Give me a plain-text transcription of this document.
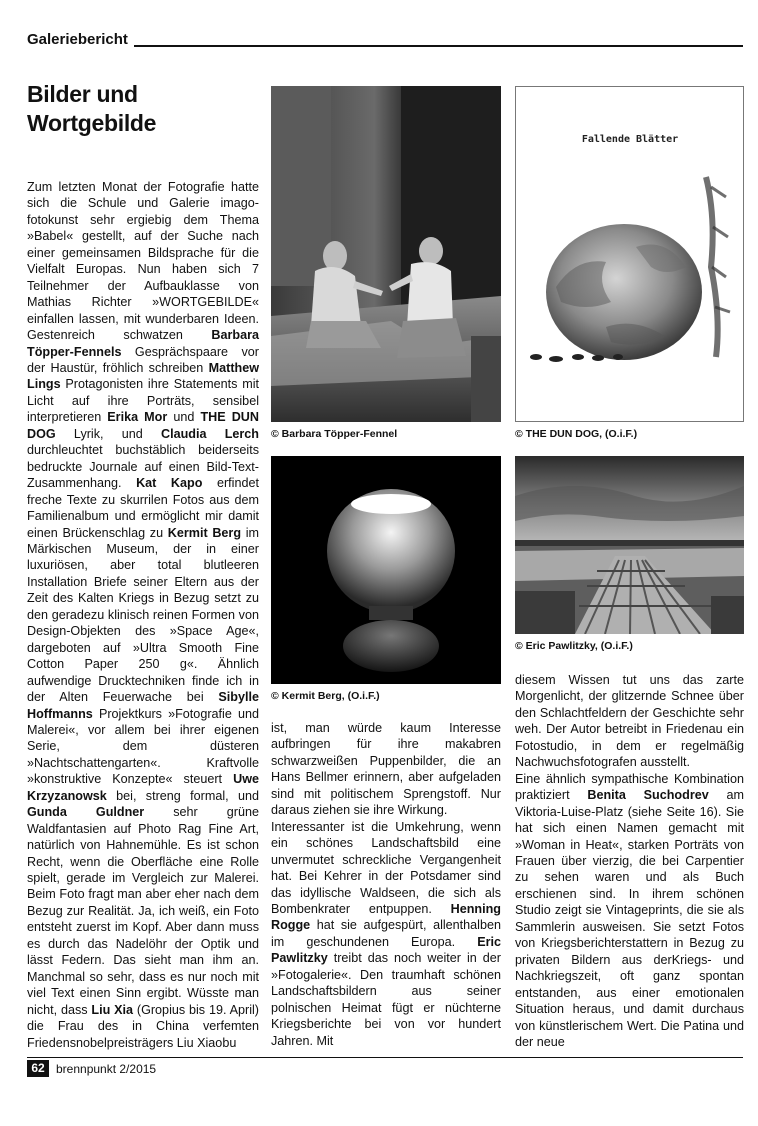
Galeriebericht
Bilder und
Wortgebilde

Zum letzten Monat der Fotografie hatte sich die Schule und Galerie imago-fotokunst sehr ergiebig dem Thema »Babel« gestellt, auf der Suche nach einer gemeinsamen Bildsprache für die Vielfalt Europas. Nun haben sich 7 Teilnehmer der Aufbauklasse von Mathias Richter »WORTGEBILDE« einfallen lassen, mit wunderbaren Ideen. Gestenreich schwatzen Barbara Töpper-Fennels Gesprächspaare vor der Haustür, fröhlich schreiben Matthew Lings Protagonisten ihre Statements mit Licht auf ihre Porträts, sensibel interpretieren Erika Mor und THE DUN DOG Lyrik, und Claudia Lerch durchleuchtet buchstäblich beiderseits bedruckte Journale auf einen Bild-Text-Zusammenhang. Kat Kapo erfindet freche Texte zu skurrilen Fotos aus dem Familienalbum und ermöglicht mir damit einen Brückenschlag zu Kermit Berg im Märkischen Museum, der in einer luxuriösen, aber total blutleeren Installation Briefe seiner Eltern aus der Zeit des Kalten Kriegs in Bezug setzt zu den geradezu klinisch reinen Formen von Design-Objekten des »Space Age«, dargeboten auf »Ultra Smooth Fine Cotton Paper 250 g«. Ähnlich aufwendige Drucktechniken finde ich in der Alten Feuerwache bei Sibylle Hoffmanns Projektkurs »Fotografie und Malerei«, vor allem bei ihrer eigenen Serie, dem düsteren »Nachtschattengarten«. Kraftvolle »konstruktive Konzepte« steuert Uwe Krzyzanowsk bei, streng formal, und Gunda Guldner sehr grüne Waldfantasien auf Photo Rag Fine Art, natürlich von Hahnemühle. Es ist schon Recht, wenn die Oberfläche eine Rolle spielt, gerade im Vergleich zur Malerei. Beim Foto fragt man aber eher nach dem Bezug zur Realität. Ja, ich weiß, ein Foto entsteht zuerst im Kopf. Aber dann muss es durch das Nadelöhr der Optik und lässt Federn. Das sieht man ihm an. Manchmal so sehr, dass es nur noch mit viel Text einen Sinn ergibt. Wüsste man nicht, dass Liu Xia (Gropius bis 19. April) die Frau des in China verfemten Friedensnobelpreisträgers Liu Xiaobu

ist, man würde kaum Interesse aufbringen für ihre makabren schwarzweißen Puppenbilder, die an Hans Bellmer erinnern, aber aufgeladen sind mit politischem Sprengstoff. Nur daraus ziehen sie ihre Wirkung.
Interessanter ist die Umkehrung, wenn ein schönes Landschaftsbild eine unvermutet schreckliche Vergangenheit hat. Bei Kehrer in der Potsdamer sind das idyllische Waldseen, die sich als Bombenkrater entpuppen. Henning Rogge hat sie aufgespürt, allenthalben im geschundenen Europa. Eric Pawlitzky treibt das noch weiter in der »Fotogalerie«. Den traumhaft schönen Landschaftsbildern aus seiner polnischen Heimat fügt er nüchterne Kriegsberichte bei von vor hundert Jahren. Mit

diesem Wissen tut uns das zarte Morgenlicht, der glitzernde Schnee über den Schlachtfeldern der Geschichte sehr weh. Der Autor betreibt in Friedenau ein Fotostudio, in dem er regelmäßig Nachwuchsfotografen ausstellt.
Eine ähnlich sympathische Kombination praktiziert Benita Suchodrev am Viktoria-Luise-Platz (siehe Seite 16). Sie hat sich einen Namen gemacht mit »Woman in Heat«, starken Porträts von Frauen über vierzig, die bei Carpentier zu sehen waren und als Buch erschienen sind. In ihrem schönen Studio zeigt sie Vintageprints, die sie als Sammlerin ausweisen. Sie setzt Fotos von Kriegsberichterstattern in Bezug zu privaten Bildern aus derKriegs- und Nachkriegszeit, oft ganz spontan entstanden, aus einer emotionalen Situation heraus, und damit durchaus von künstlerischem Wert. Die Patina und der neue

© Barbara Töpper-Fennel
Fallende Blätter
© THE DUN DOG, (O.i.F.)
© Kermit Berg, (O.i.F.)
© Eric Pawlitzky, (O.i.F.)
62 brennpunkt 2/2015
